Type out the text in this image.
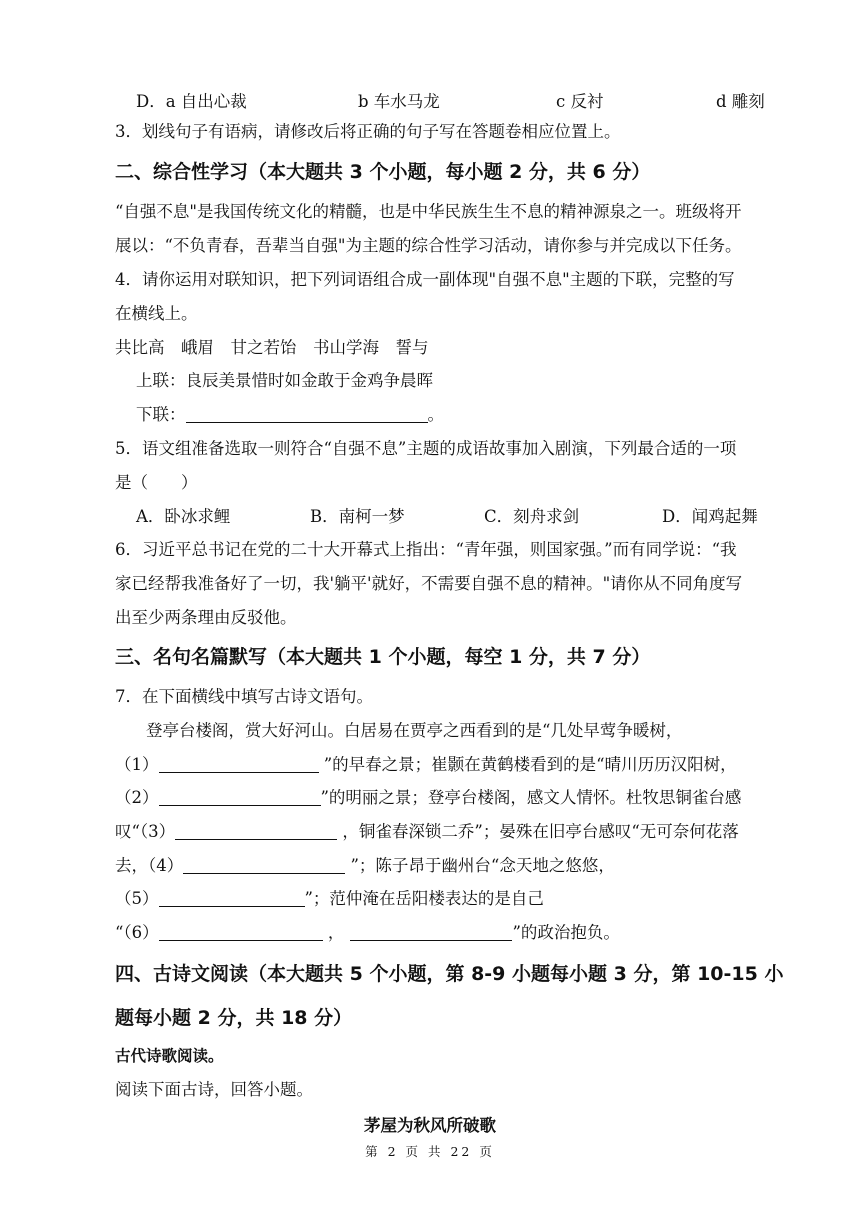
D．a 自出心裁	b 车水马龙	c 反衬	d 雕刻
3．划线句子有语病，请修改后将正确的句子写在答题卷相应位置上。
二、综合性学习（本大题共 3 个小题，每小题 2 分，共 6 分）
“自强不息"是我国传统文化的精髓，也是中华民族生生不息的精神源泉之一。班级将开
展以：“不负青春，吾辈当自强"为主题的综合性学习活动，请你参与并完成以下任务。
4．请你运用对联知识，把下列词语组合成一副体现"自强不息"主题的下联，完整的写
在横线上。
共比高　峨眉　甘之若饴　书山学海　誓与
上联：良辰美景惜时如金敢于金鸡争晨晖
下联：	。
5．语文组准备选取一则符合“自强不息”主题的成语故事加入剧演，下列最合适的一项
是（　　）
A．卧冰求鲤	B．南柯一梦	C．刻舟求剑	D．闻鸡起舞
6．习近平总书记在党的二十大开幕式上指出：“青年强，则国家强。”而有同学说：“我
家已经帮我准备好了一切，我'躺平'就好，不需要自强不息的精神。"请你从不同角度写
出至少两条理由反驳他。
三、名句名篇默写（本大题共 1 个小题，每空 1 分，共 7 分）
7．在下面横线中填写古诗文语句。
登亭台楼阁，赏大好河山。白居易在贾亭之西看到的是“几处早莺争暖树，
（1）	”的早春之景；崔颢在黄鹤楼看到的是“晴川历历汉阳树，
（2）	”的明丽之景；登亭台楼阁，感文人情怀。杜牧思铜雀台感
叹“（3）	，铜雀春深锁二乔”；晏殊在旧亭台感叹“无可奈何花落
去，（4）	”；陈子昂于幽州台“念天地之悠悠，
（5）	”；范仲淹在岳阳楼表达的是自己
“（6）	，	”的政治抱负。
四、古诗文阅读（本大题共 5 个小题，第 8-9 小题每小题 3 分，第 10-15 小
题每小题 2 分，共 18 分）
古代诗歌阅读。
阅读下面古诗，回答小题。
茅屋为秋风所破歌
第 2 页 共 22 页
